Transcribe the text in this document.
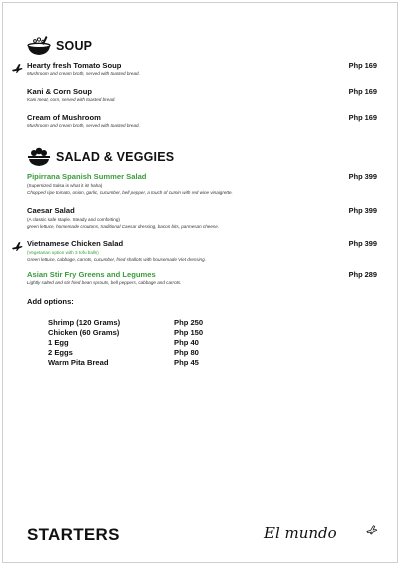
SOUP
Hearty fresh Tomato Soup	Php 169
Mushroom and cream broth, served with toasted bread.
Kani & Corn Soup	Php 169
Kani meat, corn, served with toasted bread.
Cream of Mushroom	Php 169
Mushroom and cream broth, served with toasted bread.
SALAD & VEGGIES
Pipirrana Spanish Summer Salad	Php 399
(Supersized Salsa is what it is! haha)
Chopped ripe tomato, onion, garlic, cucumber, bell pepper, a touch of cumin with red wine vinaigrette.
Caesar Salad	Php 399
(A classic safe staple. Steady and comforting)
green lettuce, homemade croutons, traditional Caesar dressing, bacon bits, parmesan cheese.
Vietnamese Chicken Salad	Php 399
(Vegetarian option with 3 tofu balls)
Green lettuce, cabbage, carrots, cucumber, fried shallots with housemade Viet dressing.
Asian Stir Fry Greens and Legumes	Php 289
Lightly salted and stir fried bean sprouts, bell peppers, cabbage and carrots.
Add options:
Shrimp (120 Grams)	Php 250
Chicken (60 Grams)	Php 150
1 Egg	Php 40
2 Eggs	Php 80
Warm Pita Bread	Php 45
STARTERS	El mundo
